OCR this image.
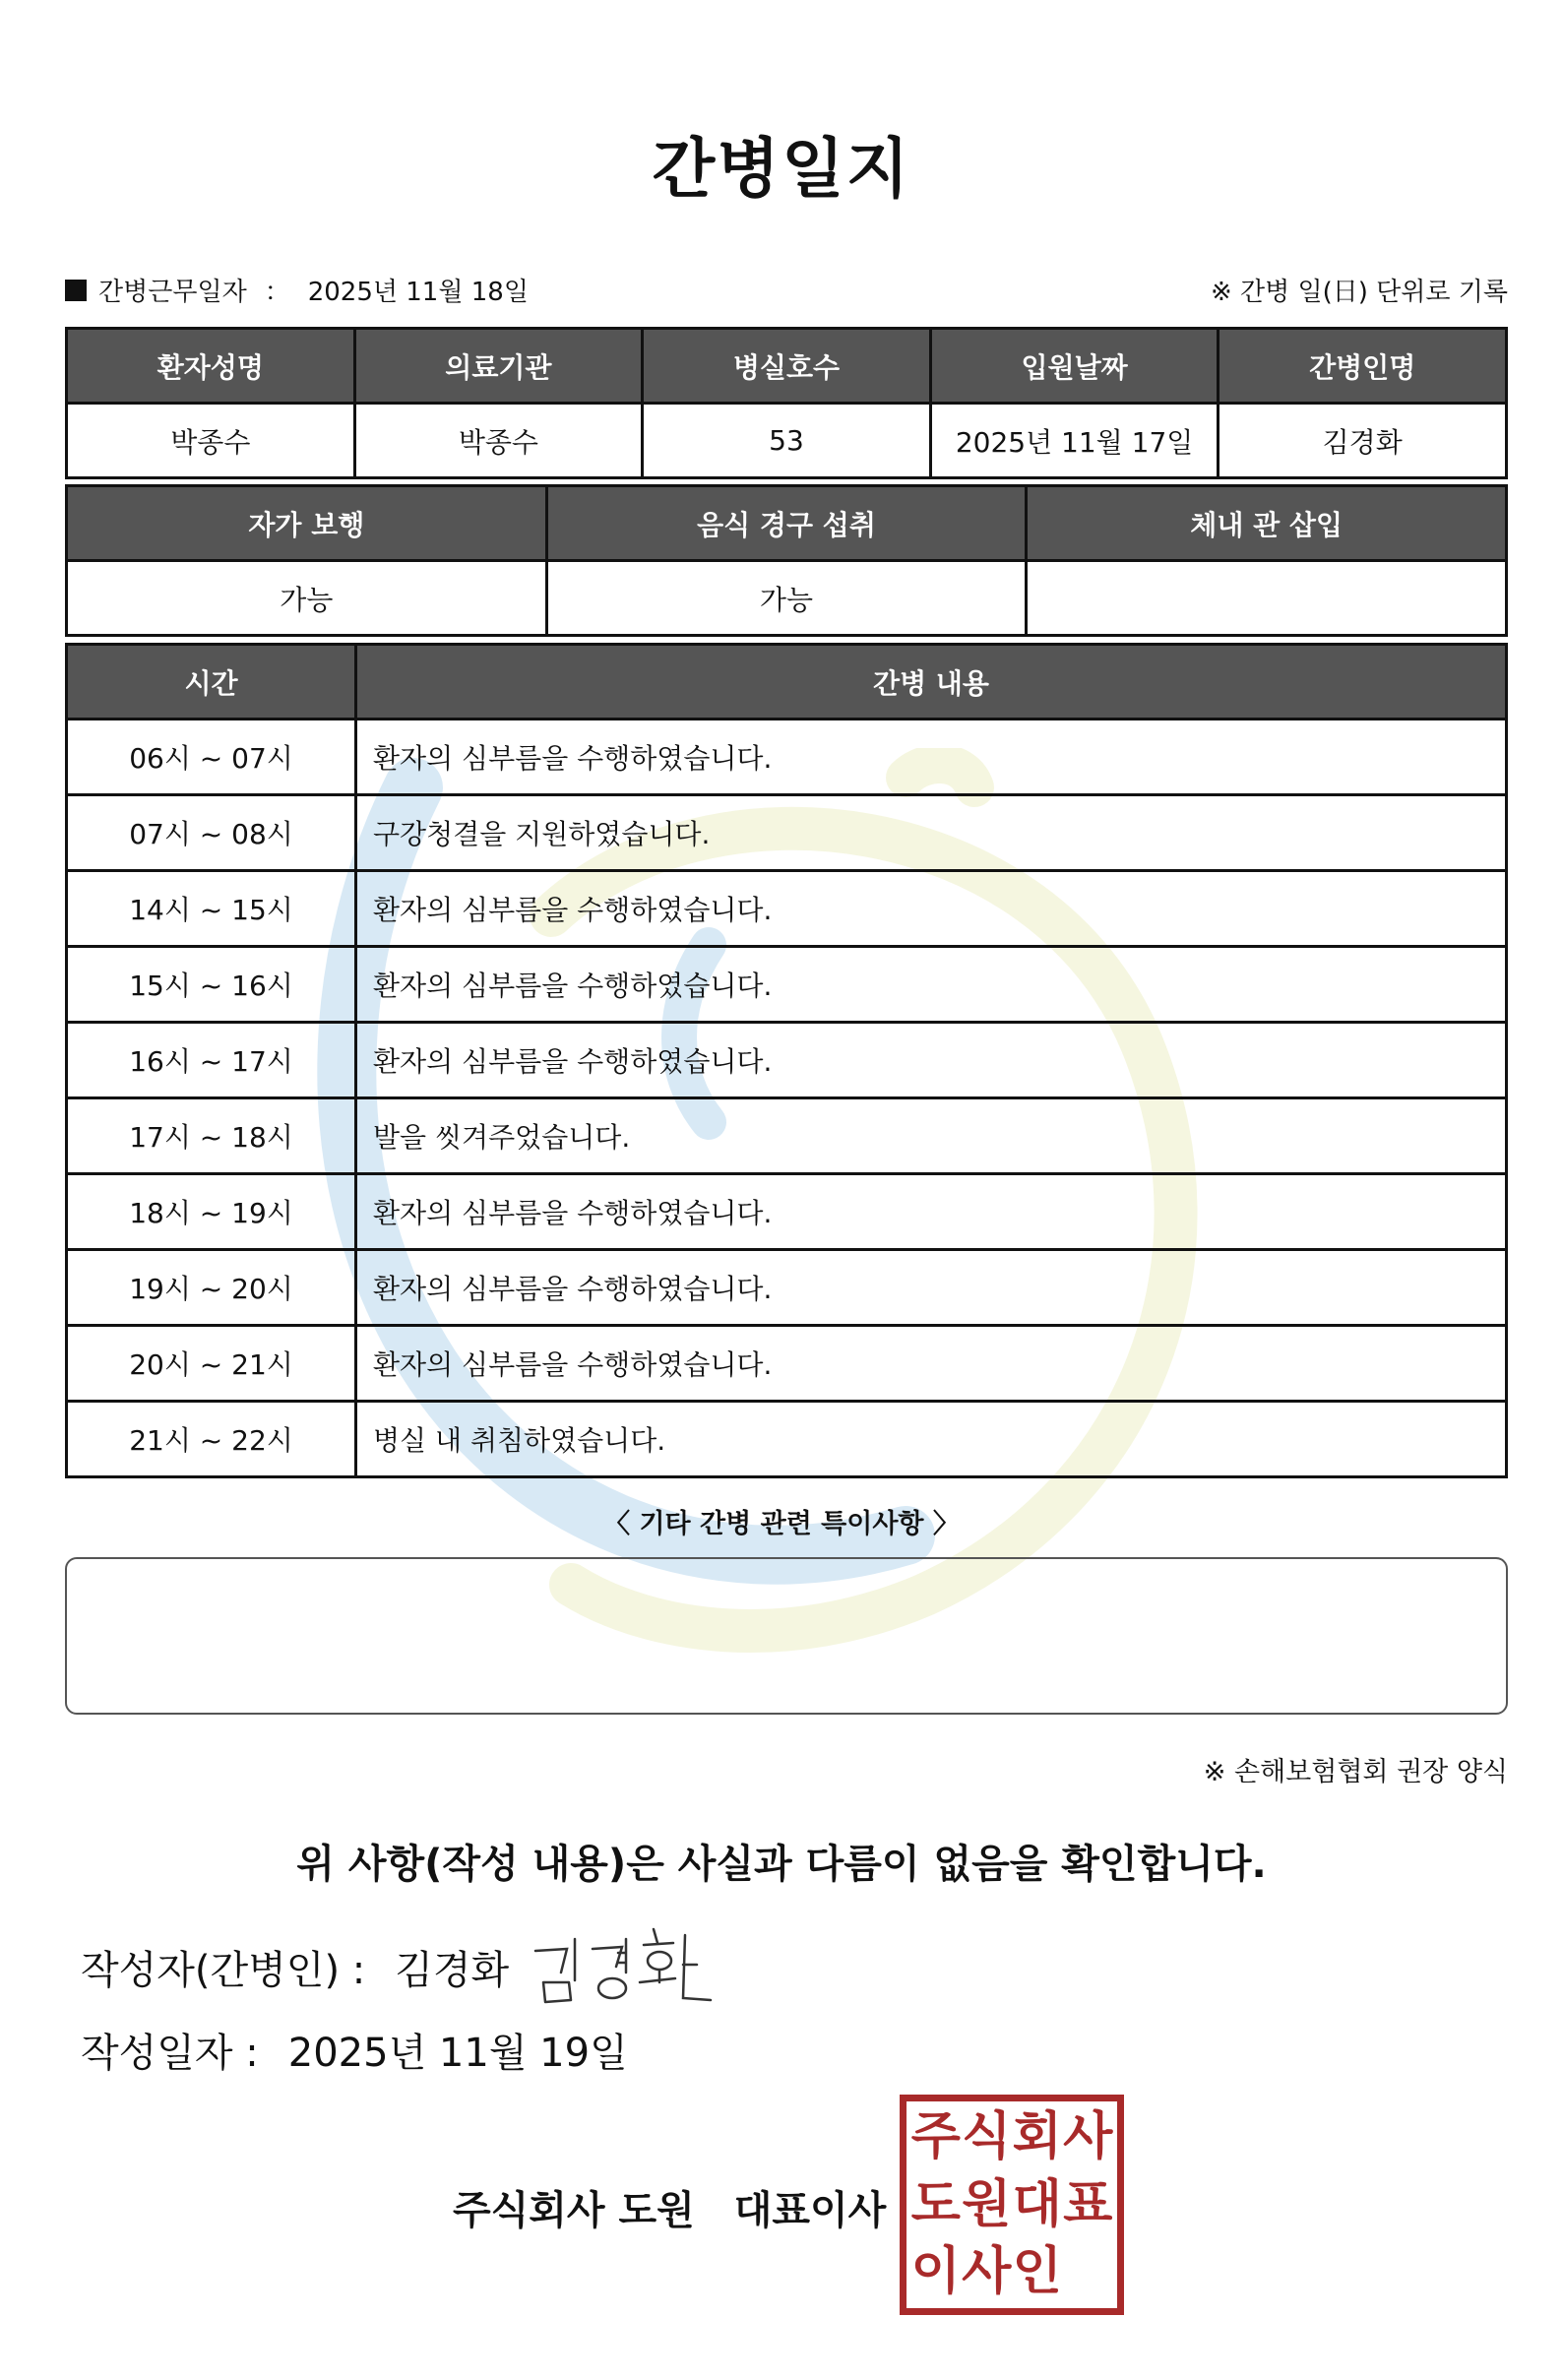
간병일지
간병근무일자 ： 2025년 11월 18일	※ 간병 일(日) 단위로 기록
환자성명	의료기관	병실호수	입원날짜	간병인명
박종수	박종수	53	2025년 11월 17일	김경화
자가 보행	음식 경구 섭취	체내 관 삽입
가능	가능	
시간	간병 내용
06시 ~ 07시	환자의 심부름을 수행하였습니다.
07시 ~ 08시	구강청결을 지원하였습니다.
14시 ~ 15시	환자의 심부름을 수행하였습니다.
15시 ~ 16시	환자의 심부름을 수행하였습니다.
16시 ~ 17시	환자의 심부름을 수행하였습니다.
17시 ~ 18시	발을 씻겨주었습니다.
18시 ~ 19시	환자의 심부름을 수행하였습니다.
19시 ~ 20시	환자의 심부름을 수행하였습니다.
20시 ~ 21시	환자의 심부름을 수행하였습니다.
21시 ~ 22시	병실 내 취침하였습니다.
〈 기타 간병 관련 특이사항 〉
※ 손해보험협회 권장 양식
위 사항(작성 내용)은 사실과 다름이 없음을 확인합니다.
작성자(간병인) : 김경화
작성일자 : 2025년 11월 19일
주식회사 도원 대표이사
주 식 회 사
도 원 대 표
이 사 인
